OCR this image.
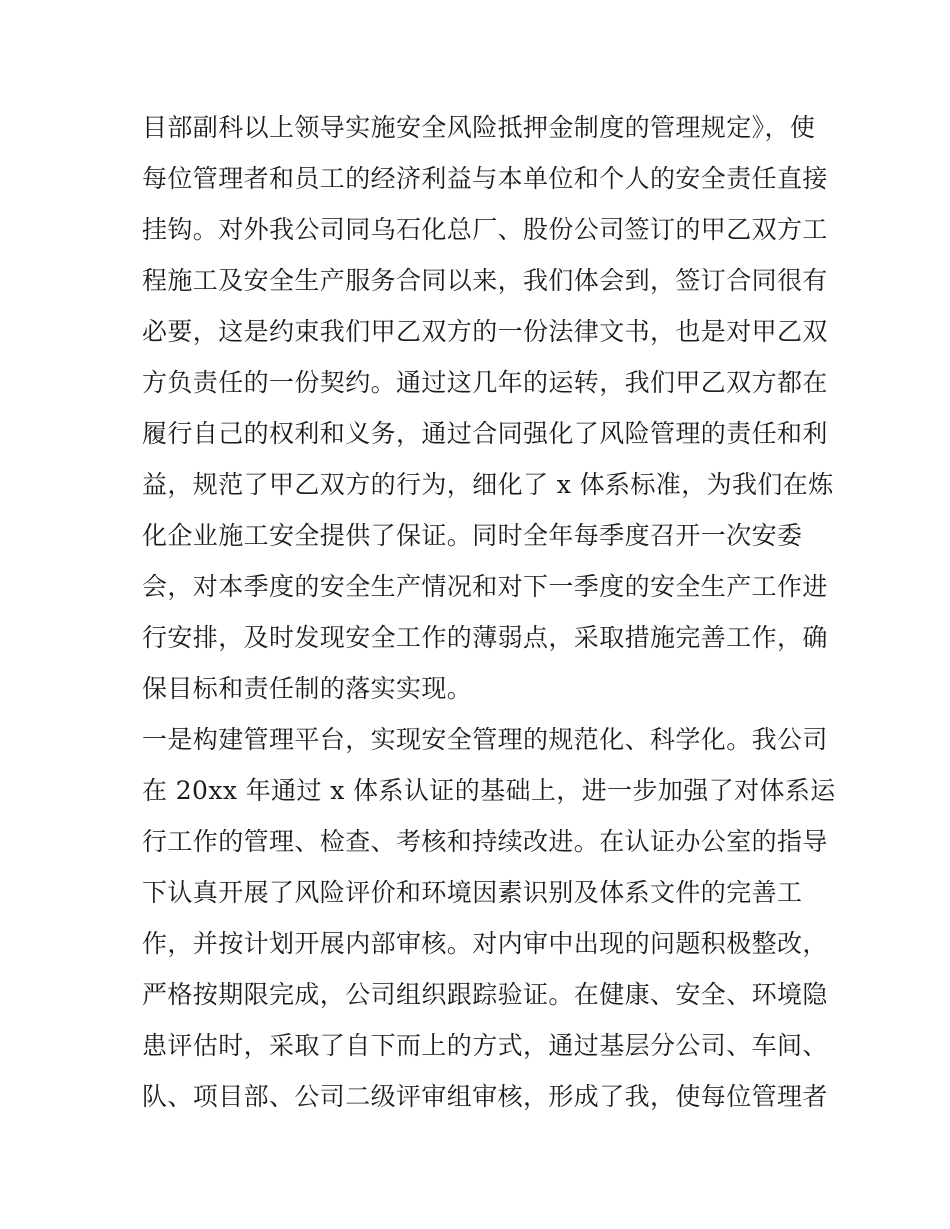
目部副科以上领导实施安全风险抵押金制度的管理规定》，使
每位管理者和员工的经济利益与本单位和个人的安全责任直接
挂钩。对外我公司同乌石化总厂、股份公司签订的甲乙双方工
程施工及安全生产服务合同以来，我们体会到，签订合同很有
必要，这是约束我们甲乙双方的一份法律文书，也是对甲乙双
方负责任的一份契约。通过这几年的运转，我们甲乙双方都在
履行自己的权利和义务，通过合同强化了风险管理的责任和利
益，规范了甲乙双方的行为，细化了 x 体系标准，为我们在炼
化企业施工安全提供了保证。同时全年每季度召开一次安委
会，对本季度的安全生产情况和对下一季度的安全生产工作进
行安排，及时发现安全工作的薄弱点，采取措施完善工作，确
保目标和责任制的落实实现。
一是构建管理平台，实现安全管理的规范化、科学化。我公司
在 20xx 年通过 x 体系认证的基础上，进一步加强了对体系运
行工作的管理、检查、考核和持续改进。在认证办公室的指导
下认真开展了风险评价和环境因素识别及体系文件的完善工
作，并按计划开展内部审核。对内审中出现的问题积极整改，
严格按期限完成，公司组织跟踪验证。在健康、安全、环境隐
患评估时，采取了自下而上的方式，通过基层分公司、车间、
队、项目部、公司二级评审组审核，形成了我，使每位管理者
